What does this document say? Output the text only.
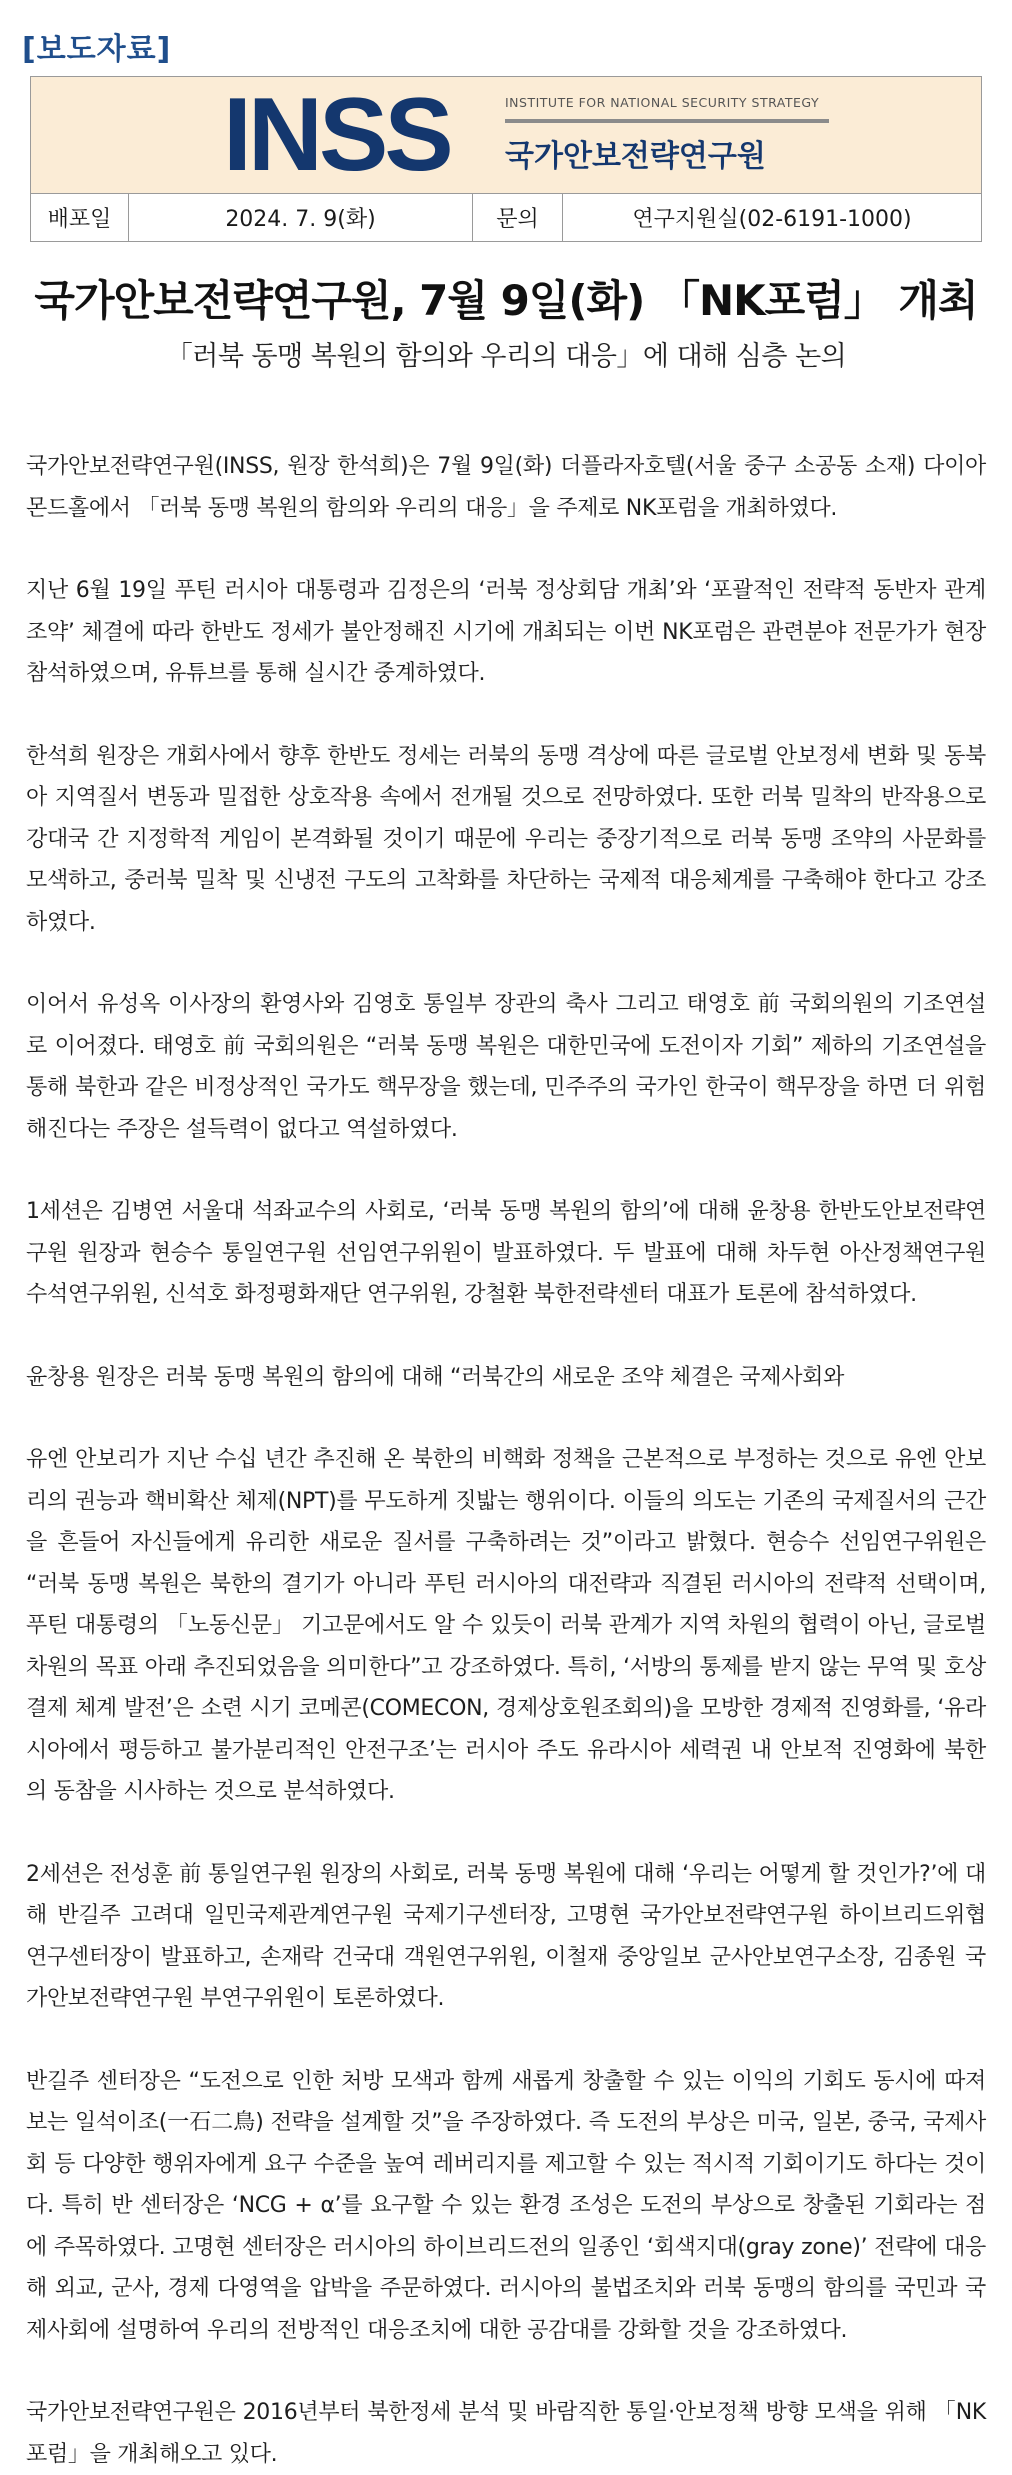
[보도자료]
INSS	INSTITUTE FOR NATIONAL SECURITY STRATEGY
국가안보전략연구원
배포일	2024. 7. 9(화)	문의	연구지원실(02-6191-1000)
국가안보전략연구원, 7월 9일(화) 「NK포럼」 개최
「러북 동맹 복원의 함의와 우리의 대응」에 대해 심층 논의

국가안보전략연구원(INSS, 원장 한석희)은 7월 9일(화) 더플라자호텔(서울 중구 소공동 소재) 다이아몬드홀에서 「러북 동맹 복원의 함의와 우리의 대응」을 주제로 NK포럼을 개최하였다.

지난 6월 19일 푸틴 러시아 대통령과 김정은의 ‘러북 정상회담 개최’와 ‘포괄적인 전략적 동반자 관계 조약’ 체결에 따라 한반도 정세가 불안정해진 시기에 개최되는 이번 NK포럼은 관련분야 전문가가 현장 참석하였으며, 유튜브를 통해 실시간 중계하였다.

한석희 원장은 개회사에서 향후 한반도 정세는 러북의 동맹 격상에 따른 글로벌 안보정세 변화 및 동북아 지역질서 변동과 밀접한 상호작용 속에서 전개될 것으로 전망하였다. 또한 러북 밀착의 반작용으로 강대국 간 지정학적 게임이 본격화될 것이기 때문에 우리는 중장기적으로 러북 동맹 조약의 사문화를 모색하고, 중러북 밀착 및 신냉전 구도의 고착화를 차단하는 국제적 대응체계를 구축해야 한다고 강조하였다.

이어서 유성옥 이사장의 환영사와 김영호 통일부 장관의 축사 그리고 태영호 前 국회의원의 기조연설로 이어졌다. 태영호 前 국회의원은 “러북 동맹 복원은 대한민국에 도전이자 기회” 제하의 기조연설을 통해 북한과 같은 비정상적인 국가도 핵무장을 했는데, 민주주의 국가인 한국이 핵무장을 하면 더 위험해진다는 주장은 설득력이 없다고 역설하였다.

1세션은 김병연 서울대 석좌교수의 사회로, ‘러북 동맹 복원의 함의’에 대해 윤창용 한반도안보전략연구원 원장과 현승수 통일연구원 선임연구위원이 발표하였다. 두 발표에 대해 차두현 아산정책연구원 수석연구위원, 신석호 화정평화재단 연구위원, 강철환 북한전략센터 대표가 토론에 참석하였다.

윤창용 원장은 러북 동맹 복원의 함의에 대해 “러북간의 새로운 조약 체결은 국제사회와

유엔 안보리가 지난 수십 년간 추진해 온 북한의 비핵화 정책을 근본적으로 부정하는 것으로 유엔 안보리의 권능과 핵비확산 체제(NPT)를 무도하게 짓밟는 행위이다. 이들의 의도는 기존의 국제질서의 근간을 흔들어 자신들에게 유리한 새로운 질서를 구축하려는 것”이라고 밝혔다. 현승수 선임연구위원은 “러북 동맹 복원은 북한의 결기가 아니라 푸틴 러시아의 대전략과 직결된 러시아의 전략적 선택이며, 푸틴 대통령의 「노동신문」 기고문에서도 알 수 있듯이 러북 관계가 지역 차원의 협력이 아닌, 글로벌 차원의 목표 아래 추진되었음을 의미한다”고 강조하였다. 특히, ‘서방의 통제를 받지 않는 무역 및 호상결제 체계 발전’은 소련 시기 코메콘(COMECON, 경제상호원조회의)을 모방한 경제적 진영화를, ‘유라시아에서 평등하고 불가분리적인 안전구조’는 러시아 주도 유라시아 세력권 내 안보적 진영화에 북한의 동참을 시사하는 것으로 분석하였다.

2세션은 전성훈 前 통일연구원 원장의 사회로, 러북 동맹 복원에 대해 ‘우리는 어떻게 할 것인가?’에 대해 반길주 고려대 일민국제관계연구원 국제기구센터장, 고명현 국가안보전략연구원 하이브리드위협 연구센터장이 발표하고, 손재락 건국대 객원연구위원, 이철재 중앙일보 군사안보연구소장, 김종원 국가안보전략연구원 부연구위원이 토론하였다.

반길주 센터장은 “도전으로 인한 처방 모색과 함께 새롭게 창출할 수 있는 이익의 기회도 동시에 따져보는 일석이조(一石二鳥) 전략을 설계할 것”을 주장하였다. 즉 도전의 부상은 미국, 일본, 중국, 국제사회 등 다양한 행위자에게 요구 수준을 높여 레버리지를 제고할 수 있는 적시적 기회이기도 하다는 것이다. 특히 반 센터장은 ‘NCG + α’를 요구할 수 있는 환경 조성은 도전의 부상으로 창출된 기회라는 점에 주목하였다. 고명현 센터장은 러시아의 하이브리드전의 일종인 ‘회색지대(gray zone)’ 전략에 대응해 외교, 군사, 경제 다영역을 압박을 주문하였다. 러시아의 불법조치와 러북 동맹의 함의를 국민과 국제사회에 설명하여 우리의 전방적인 대응조치에 대한 공감대를 강화할 것을 강조하였다.

국가안보전략연구원은 2016년부터 북한정세 분석 및 바람직한 통일·안보정책 방향 모색을 위해 「NK포럼」을 개최해오고 있다.
